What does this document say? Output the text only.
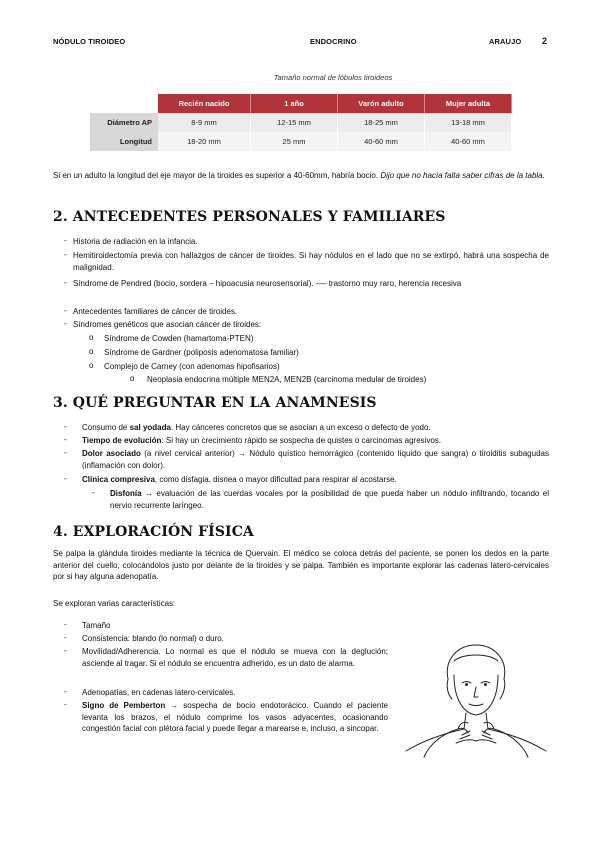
NÓDULO TIROIDEO	ENDOCRINO	ARAUJO 2
Tamaño normal de lóbulos tiroideos
	Recién nacido	1 año	Varón adulto	Mujer adulta
Diámetro AP	8-9 mm	12-15 mm	18-25 mm	13-18 mm
Longitud	18-20 mm	25 mm	40-60 mm	40-60 mm
Si en un adulto la longitud del eje mayor de la tiroides es superior a 40-60mm, habría bocio. Dijo que no hacía falta saber cifras de la tabla.
2. ANTECEDENTES PERSONALES Y FAMILIARES
- Historia de radiación en la infancia.
- Hemitiroidectomía previa con hallazgos de cáncer de tiroides. Si hay nódulos en el lado que no se extirpó, habrá una sospecha de malignidad.
- Síndrome de Pendred (bocio, sordera – hipoacusia neurosensorial). -— trastorno muy raro, herencia recesiva
- Antecedentes familiares de cáncer de tiroides.
- Síndromes genéticos que asocian cáncer de tiroides:
o Síndrome de Cowden (hamartoma-PTEN)
o Síndrome de Gardner (poliposis adenomatosa familiar)
o Complejo de Carney (con adenomas hipofisarios)
o Neoplasia endocrina múltiple MEN2A, MEN2B (carcinoma medular de tiroides)
3. QUÉ PREGUNTAR EN LA ANAMNESIS
- Consumo de sal yodada. Hay cánceres concretos que se asocian a un exceso o defecto de yodo.
- Tiempo de evolución: Si hay un crecimiento rápido se sospecha de quistes o carcinomas agresivos.
- Dolor asociado (a nivel cervical anterior) → Nódulo quístico hemorrágico (contenido líquido que sangra) o tiroiditis subagudas (inflamación con dolor).
- Clínica compresiva, como disfagia, disnea o mayor dificultad para respirar al acostarse.
- Disfonía → evaluación de las cuerdas vocales por la posibilidad de que pueda haber un nódulo infiltrando, tocando el nervio recurrente laríngeo.
4. EXPLORACIÓN FÍSICA
Se palpa la glándula tiroides mediante la técnica de Quervain. El médico se coloca detrás del paciente, se ponen los dedos en la parte anterior del cuello, colocándolos justo por delante de la tiroides y se palpa. También es importante explorar las cadenas latero-cervicales por si hay alguna adenopatía.
Se exploran varias características:
- Tamaño
- Consistencia: blando (lo normal) o duro.
- Movilidad/Adherencia. Lo normal es que el nódulo se mueva con la deglución; asciende al tragar. Si el nódulo se encuentra adherido, es un dato de alarma.
- Adenopatías, en cadenas latero-cervicales.
- Signo de Pemberton → sospecha de bocio endotorácico. Cuando el paciente levanta los brazos, el nódulo comprime los vasos adyacentes, ocasionando congestión facial con plétora facial y puede llegar a marearse e, incluso, a sincopar.
